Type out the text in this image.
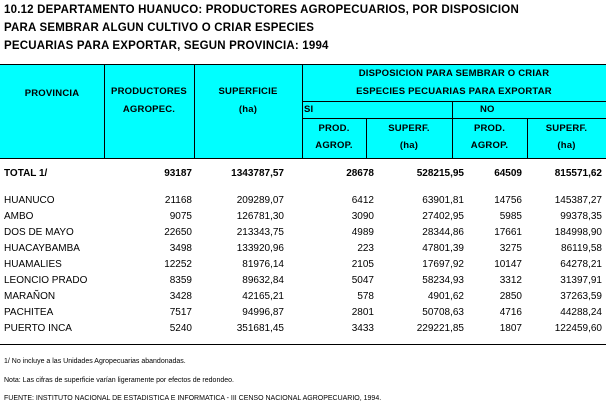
10.12 DEPARTAMENTO HUANUCO: PRODUCTORES AGROPECUARIOS, POR DISPOSICION
PARA SEMBRAR ALGUN CULTIVO O CRIAR ESPECIES
PECUARIAS PARA EXPORTAR, SEGUN PROVINCIA: 1994
PROVINCIA	PRODUCTORES
AGROPEC.
SUPERFICIE
(ha)
DISPOSICION PARA SEMBRAR O CRIAR
ESPECIES PECUARIAS PARA EXPORTAR
SI	NO
PROD.
AGROP.
SUPERF.
(ha)
PROD.
AGROP.
SUPERF.
(ha)
TOTAL 1/	93187	1343787,57	28678	528215,95	64509	815571,62
HUANUCO	21168	209289,07	6412	63901,81	14756	145387,27
AMBO	9075	126781,30	3090	27402,95	5985	99378,35
DOS DE MAYO	22650	213343,75	4989	28344,86	17661	184998,90
HUACAYBAMBA	3498	133920,96	223	47801,39	3275	86119,58
HUAMALIES	12252	81976,14	2105	17697,92	10147	64278,21
LEONCIO PRADO	8359	89632,84	5047	58234,93	3312	31397,91
MARAÑON	3428	42165,21	578	4901,62	2850	37263,59
PACHITEA	7517	94996,87	2801	50708,63	4716	44288,24
PUERTO INCA	5240	351681,45	3433	229221,85	1807	122459,60
1/ No incluye a las Unidades Agropecuarias abandonadas.
Nota: Las cifras de superficie varían ligeramente por efectos de redondeo.
FUENTE: INSTITUTO NACIONAL DE ESTADISTICA E INFORMATICA - III CENSO NACIONAL AGROPECUARIO, 1994.
